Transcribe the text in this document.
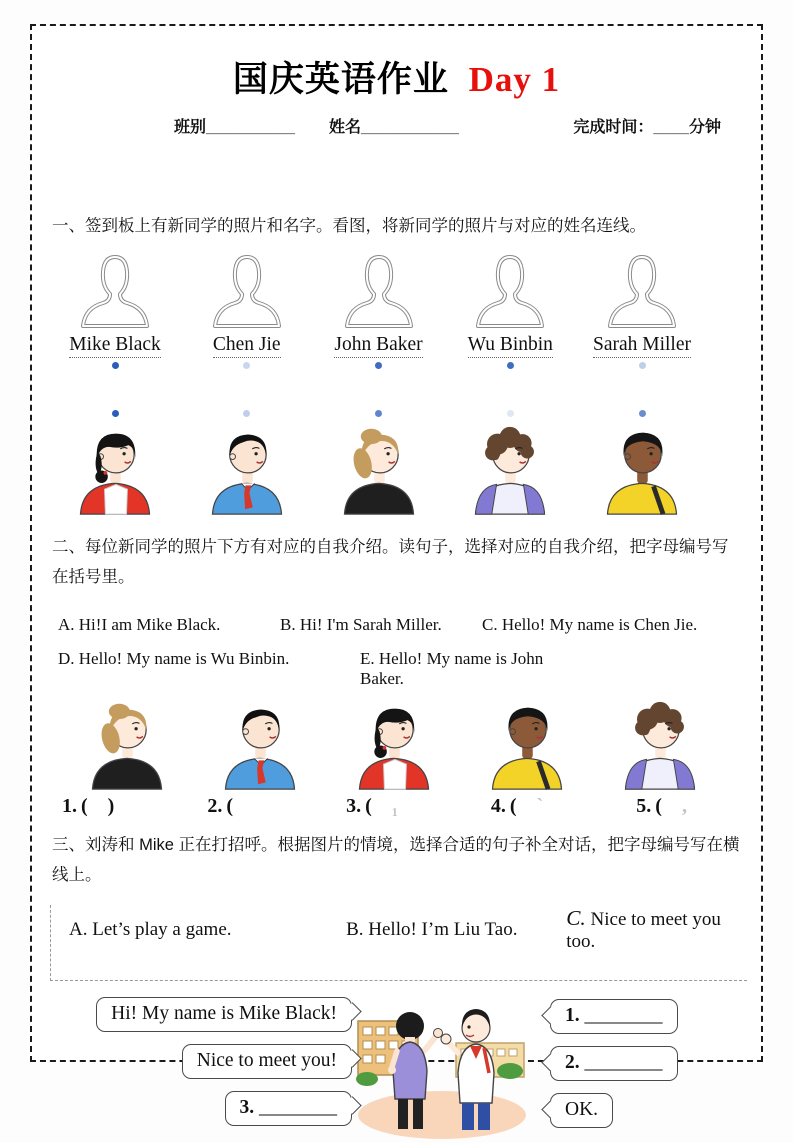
国庆英语作业 Day 1
班别__________ 姓名___________	完成时间：____分钟
一、签到板上有新同学的照片和名字。看图，将新同学的照片与对应的姓名连线。
Mike Black	Chen Jie	John Baker Wu Binbin Sarah Miller
二、每位新同学的照片下方有对应的自我介绍。读句子，选择对应的自我介绍，把字母编号写在括号里。
A. Hi!I am Mike Black.	B. Hi! I'm Sarah Miller.	C. Hello! My name is Chen Jie.
D. Hello! My name is Wu Binbin.	E. Hello! My name is John Baker.
1. (  )	2. (  	3. (  ₁	4. (  `	5. (  ,
三、刘涛和 Mike 正在打招呼。根据图片的情境，选择合适的句子补全对话，把字母编号写在横线上。
A. Let’s play a game.	B. Hello! I’m Liu Tao.	C. Nice to meet you too.
Hi! My name is Mike Black!
Nice to meet you!
3. ________
1. ________
2. ________
OK.
